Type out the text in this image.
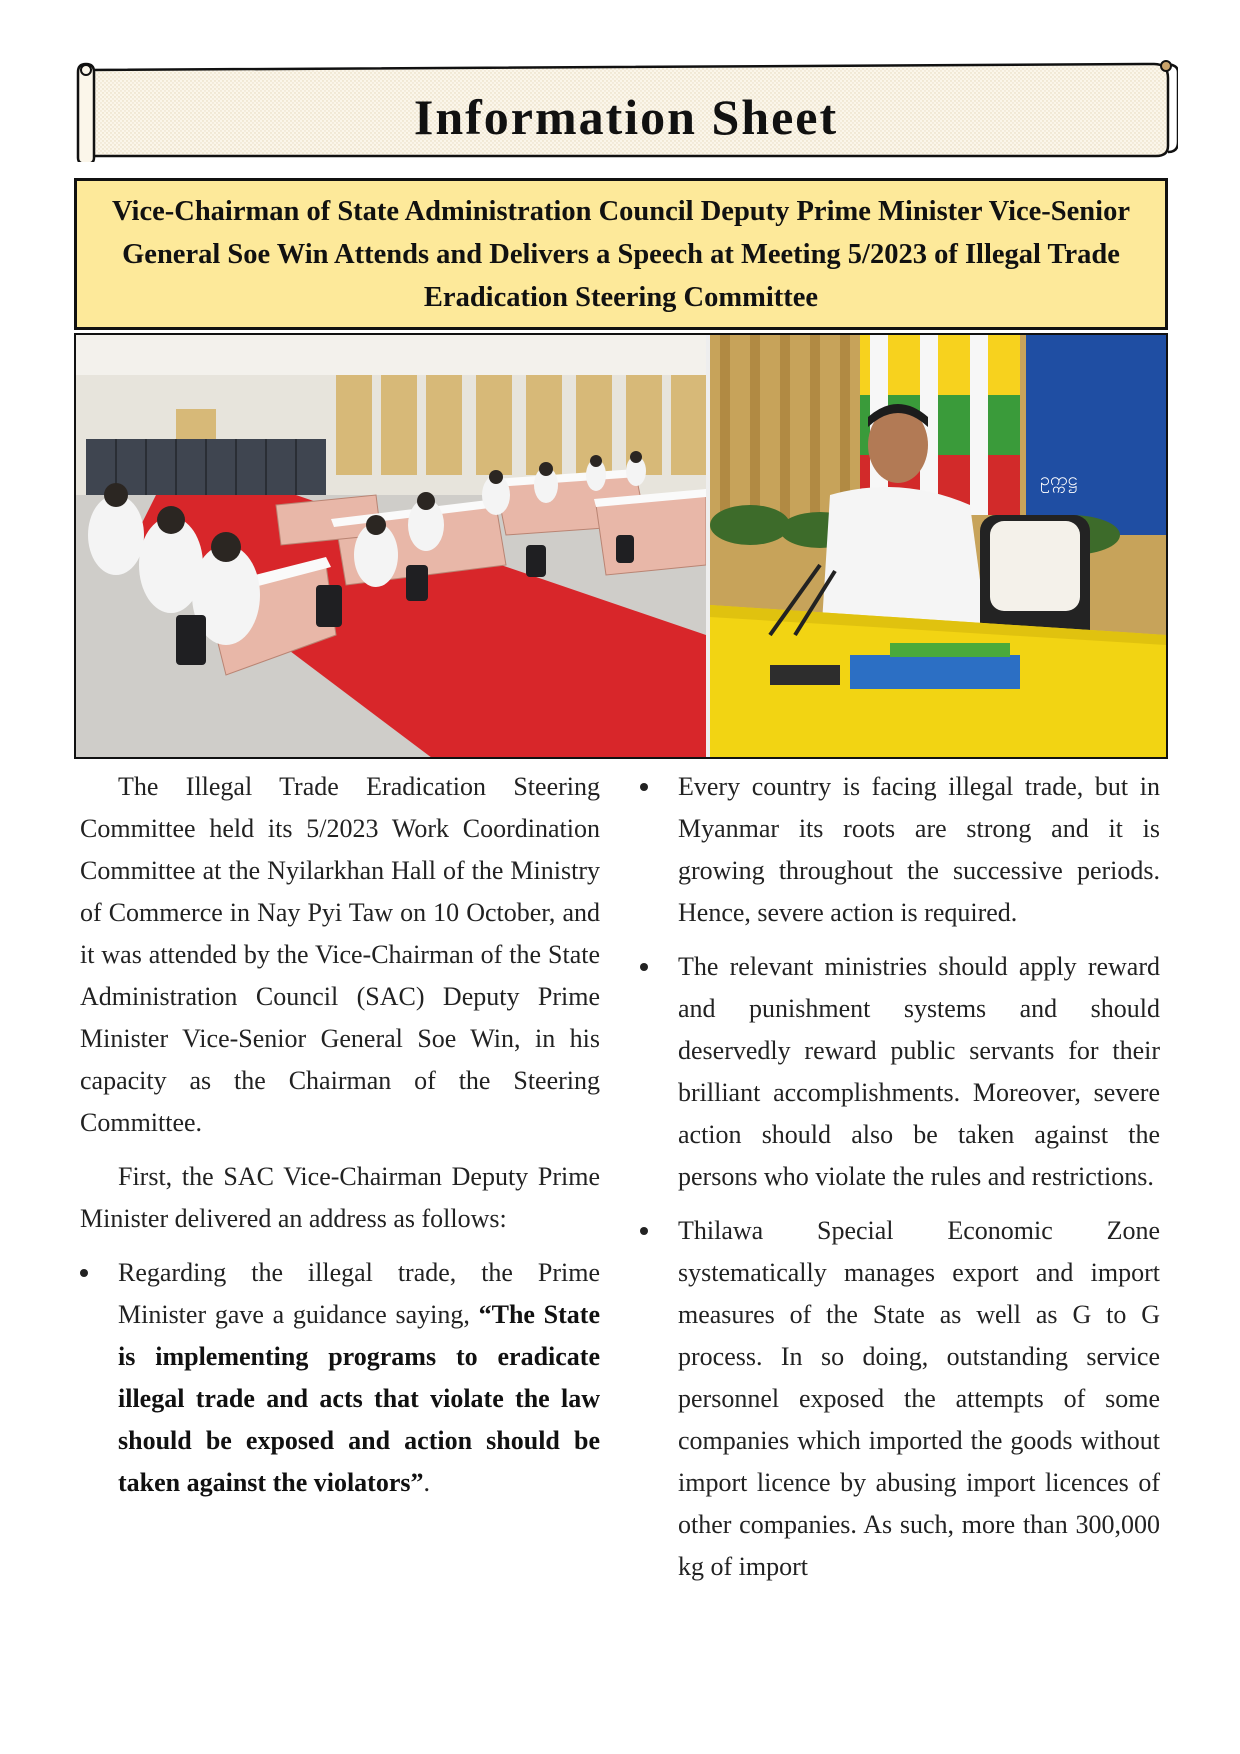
Information Sheet

Vice-Chairman of State Administration Council Deputy Prime Minister Vice-Senior General Soe Win Attends and Delivers a Speech at Meeting 5/2023 of Illegal Trade Eradication Steering Committee

ဥက္ကဋ္ဌ

The Illegal Trade Eradication Steering Committee held its 5/2023 Work Coordination Committee at the Nyilarkhan Hall of the Ministry of Commerce in Nay Pyi Taw on 10 October, and it was attended by the Vice-Chairman of the State Administration Council (SAC) Deputy Prime Minister Vice-Senior General Soe Win, in his capacity as the Chairman of the Steering Committee.

First, the SAC Vice-Chairman Deputy Prime Minister delivered an address as follows:

Regarding the illegal trade, the Prime Minister gave a guidance saying, “The State is implementing programs to eradicate illegal trade and acts that violate the law should be exposed and action should be taken against the violators”.
Every country is facing illegal trade, but in Myanmar its roots are strong and it is growing throughout the successive periods. Hence, severe action is required.
The relevant ministries should apply reward and punishment systems and should deservedly reward public servants for their brilliant accomplishments. Moreover, severe action should also be taken against the persons who violate the rules and restrictions.
Thilawa Special Economic Zone systematically manages export and import measures of the State as well as G to G process. In so doing, outstanding service personnel exposed the attempts of some companies which imported the goods without import licence by abusing import licences of other companies. As such, more than 300,000 kg of import
